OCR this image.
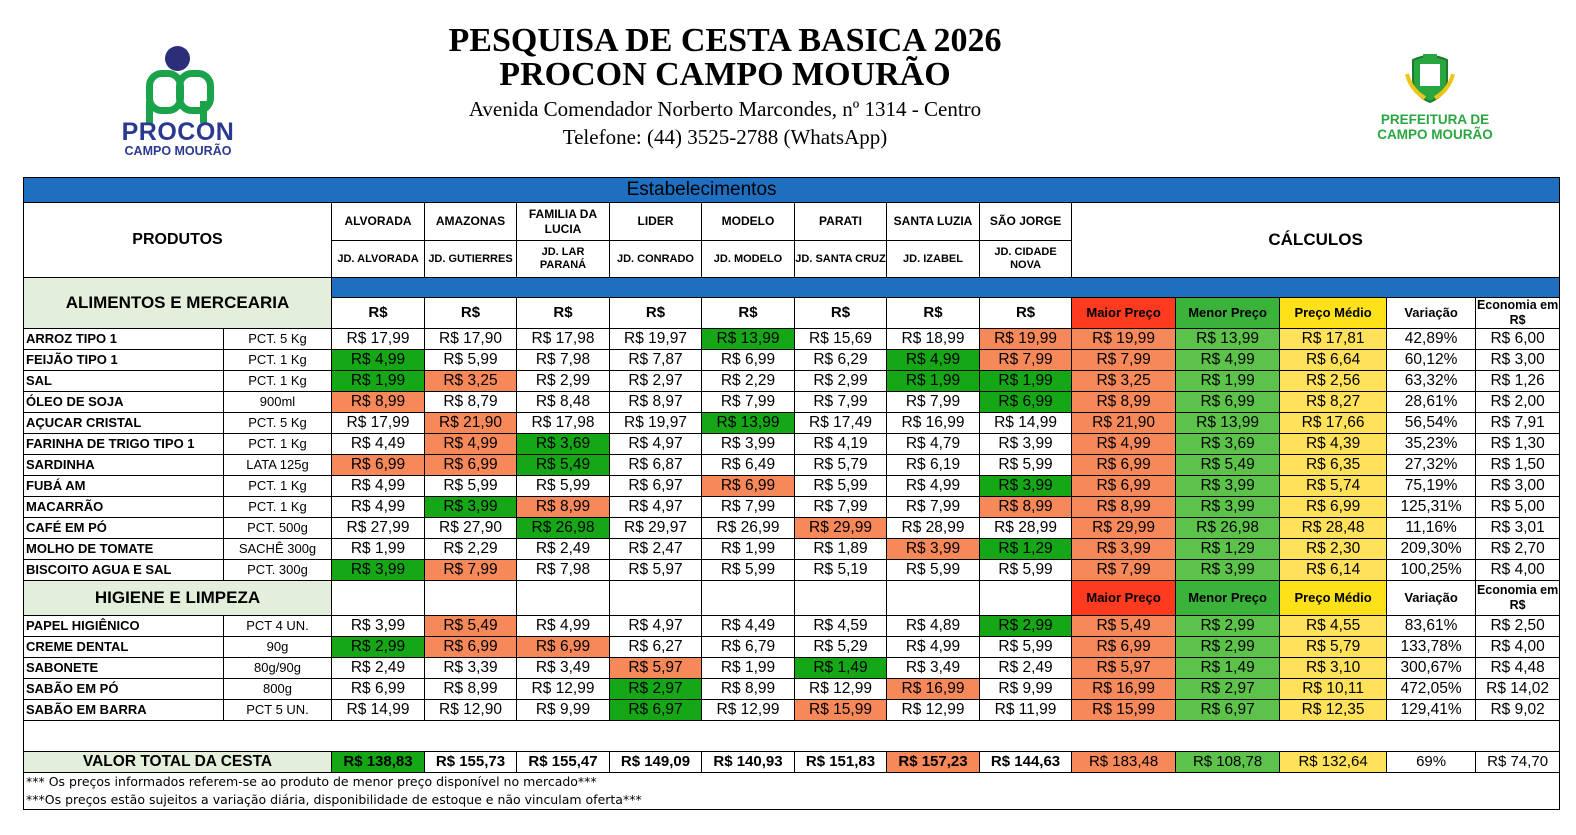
PROCON
CAMPO MOURÃO
PESQUISA DE CESTA BASICA 2026
PROCON CAMPO MOURÃO
Avenida Comendador Norberto Marcondes, nº 1314 - Centro
Telefone: (44) 3525-2788 (WhatsApp)
PREFEITURA DE
CAMPO MOURÃO
		Estabelecimentos												
PRODUTOS		ALVORADA	AMAZONAS	FAMILIA DA LUCIA	LIDER	MODELO	PARATI	SANTA LUZIA	SÃO JORGE	CÁLCULOS				
		JD. ALVORADA	JD. GUTIERRES	JD. LAR PARANÁ	JD. CONRADO	JD. MODELO	JD. SANTA CRUZ	JD. IZABEL	JD. CIDADE NOVA					
ALIMENTOS E MERCEARIA														
		R$	R$	R$	R$	R$	R$	R$	R$	Maior Preço	Menor Preço	Preço Médio	Variação	Economia em R$
ARROZ TIPO 1	PCT. 5 Kg	R$ 17,99	R$ 17,90	R$ 17,98	R$ 19,97	R$ 13,99	R$ 15,69	R$ 18,99	R$ 19,99	R$ 19,99	R$ 13,99	R$ 17,81	42,89%	R$ 6,00
FEIJÃO TIPO 1	PCT. 1 Kg	R$ 4,99	R$ 5,99	R$ 7,98	R$ 7,87	R$ 6,99	R$ 6,29	R$ 4,99	R$ 7,99	R$ 7,99	R$ 4,99	R$ 6,64	60,12%	R$ 3,00
SAL	PCT. 1 Kg	R$ 1,99	R$ 3,25	R$ 2,99	R$ 2,97	R$ 2,29	R$ 2,99	R$ 1,99	R$ 1,99	R$ 3,25	R$ 1,99	R$ 2,56	63,32%	R$ 1,26
ÓLEO DE SOJA	900ml	R$ 8,99	R$ 8,79	R$ 8,48	R$ 8,97	R$ 7,99	R$ 7,99	R$ 7,99	R$ 6,99	R$ 8,99	R$ 6,99	R$ 8,27	28,61%	R$ 2,00
AÇUCAR CRISTAL	PCT. 5 Kg	R$ 17,99	R$ 21,90	R$ 17,98	R$ 19,97	R$ 13,99	R$ 17,49	R$ 16,99	R$ 14,99	R$ 21,90	R$ 13,99	R$ 17,66	56,54%	R$ 7,91
FARINHA DE TRIGO TIPO 1	PCT. 1 Kg	R$ 4,49	R$ 4,99	R$ 3,69	R$ 4,97	R$ 3,99	R$ 4,19	R$ 4,79	R$ 3,99	R$ 4,99	R$ 3,69	R$ 4,39	35,23%	R$ 1,30
SARDINHA	LATA 125g	R$ 6,99	R$ 6,99	R$ 5,49	R$ 6,87	R$ 6,49	R$ 5,79	R$ 6,19	R$ 5,99	R$ 6,99	R$ 5,49	R$ 6,35	27,32%	R$ 1,50
FUBÁ AM	PCT. 1 Kg	R$ 4,99	R$ 5,99	R$ 5,99	R$ 6,97	R$ 6,99	R$ 5,99	R$ 4,99	R$ 3,99	R$ 6,99	R$ 3,99	R$ 5,74	75,19%	R$ 3,00
MACARRÃO	PCT. 1 Kg	R$ 4,99	R$ 3,99	R$ 8,99	R$ 4,97	R$ 7,99	R$ 7,99	R$ 7,99	R$ 8,99	R$ 8,99	R$ 3,99	R$ 6,99	125,31%	R$ 5,00
CAFÉ EM PÓ	PCT. 500g	R$ 27,99	R$ 27,90	R$ 26,98	R$ 29,97	R$ 26,99	R$ 29,99	R$ 28,99	R$ 28,99	R$ 29,99	R$ 26,98	R$ 28,48	11,16%	R$ 3,01
MOLHO DE TOMATE	SACHÊ 300g	R$ 1,99	R$ 2,29	R$ 2,49	R$ 2,47	R$ 1,99	R$ 1,89	R$ 3,99	R$ 1,29	R$ 3,99	R$ 1,29	R$ 2,30	209,30%	R$ 2,70
BISCOITO AGUA E SAL	PCT. 300g	R$ 3,99	R$ 7,99	R$ 7,98	R$ 5,97	R$ 5,99	R$ 5,19	R$ 5,99	R$ 5,99	R$ 7,99	R$ 3,99	R$ 6,14	100,25%	R$ 4,00
HIGIENE E LIMPEZA										Maior Preço	Menor Preço	Preço Médio	Variação	Economia em R$
PAPEL HIGIÊNICO	PCT 4 UN.	R$ 3,99	R$ 5,49	R$ 4,99	R$ 4,97	R$ 4,49	R$ 4,59	R$ 4,89	R$ 2,99	R$ 5,49	R$ 2,99	R$ 4,55	83,61%	R$ 2,50
CREME DENTAL	90g	R$ 2,99	R$ 6,99	R$ 6,99	R$ 6,27	R$ 6,79	R$ 5,29	R$ 4,99	R$ 5,99	R$ 6,99	R$ 2,99	R$ 5,79	133,78%	R$ 4,00
SABONETE	80g/90g	R$ 2,49	R$ 3,39	R$ 3,49	R$ 5,97	R$ 1,99	R$ 1,49	R$ 3,49	R$ 2,49	R$ 5,97	R$ 1,49	R$ 3,10	300,67%	R$ 4,48
SABÃO EM PÓ	800g	R$ 6,99	R$ 8,99	R$ 12,99	R$ 2,97	R$ 8,99	R$ 12,99	R$ 16,99	R$ 9,99	R$ 16,99	R$ 2,97	R$ 10,11	472,05%	R$ 14,02
SABÃO EM BARRA	PCT 5 UN.	R$ 14,99	R$ 12,90	R$ 9,99	R$ 6,97	R$ 12,99	R$ 15,99	R$ 12,99	R$ 11,99	R$ 15,99	R$ 6,97	R$ 12,35	129,41%	R$ 9,02

VALOR TOTAL DA CESTA		R$ 138,83	R$ 155,73	R$ 155,47	R$ 149,09	R$ 140,93	R$ 151,83	R$ 157,23	R$ 144,63	R$ 183,48	R$ 108,78	R$ 132,64	69%	R$ 74,70
*** Os preços informados referem-se ao produto de menor preço disponível no mercado***														
***Os preços estão sujeitos a variação diária, disponibilidade de estoque e não vinculam oferta***														
